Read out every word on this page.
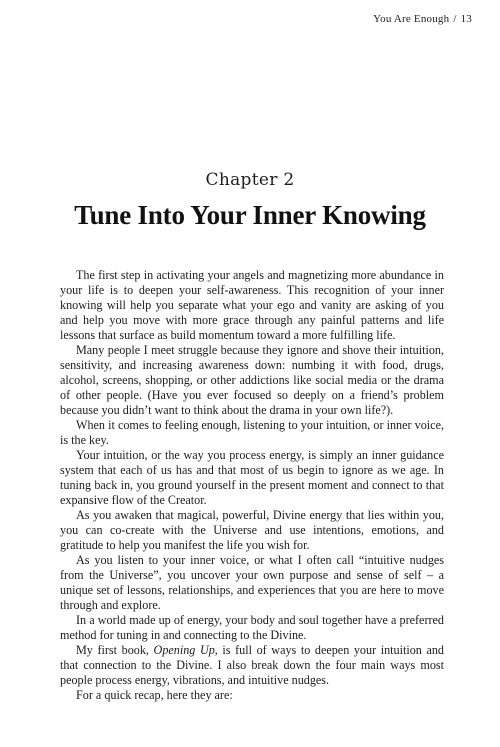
You Are Enough / 13
Chapter 2
Tune Into Your Inner Knowing

The first step in activating your angels and magnetizing more abundance in your life is to deepen your self-awareness. This recognition of your inner knowing will help you separate what your ego and vanity are asking of you and help you move with more grace through any painful patterns and life lessons that surface as build momentum toward a more fulfilling life.

Many people I meet struggle because they ignore and shove their intuition, sensitivity, and increasing awareness down: numbing it with food, drugs, alcohol, screens, shopping, or other addictions like social media or the drama of other people. (Have you ever focused so deeply on a friend’s problem because you didn’t want to think about the drama in your own life?).

When it comes to feeling enough, listening to your intuition, or inner voice, is the key.

Your intuition, or the way you process energy, is simply an inner guidance system that each of us has and that most of us begin to ignore as we age. In tuning back in, you ground yourself in the present moment and connect to that expansive flow of the Creator.

As you awaken that magical, powerful, Divine energy that lies within you, you can co-create with the Universe and use intentions, emotions, and gratitude to help you manifest the life you wish for.

As you listen to your inner voice, or what I often call “intuitive nudges from the Universe”, you uncover your own purpose and sense of self – a unique set of lessons, relationships, and experiences that you are here to move through and explore.

In a world made up of energy, your body and soul together have a preferred method for tuning in and connecting to the Divine.

My first book, Opening Up, is full of ways to deepen your intuition and that connection to the Divine. I also break down the four main ways most people process energy, vibrations, and intuitive nudges.

For a quick recap, here they are:
